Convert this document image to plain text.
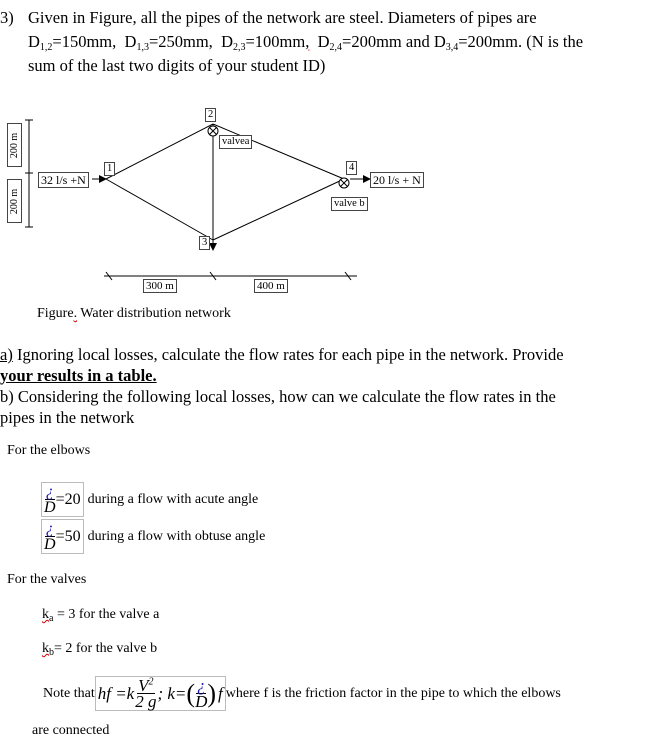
3) Given in Figure, all the pipes of the network are steel. Diameters of pipes are
$D_{1,2}=150mm$, $D_{1,3}=250mm$, $D_{2,3}=100mm$, $D_{2,4}=200mm$ and $D_{3,4}=200mm$. (N is the
sum of the last two digits of your student ID)
2
1
3
4
valvea
valve b
32 l/s +N	20 l/s + N
300 m	400 m
200 m
200 m
Figure. Water distribution network
a) Ignoring local losses, calculate the flow rates for each pipe in the network. Provide
your results in a table.
b) Considering the following local losses, how can we calculate the flow rates in the
pipes in the network
For the elbows
$\frac{¿}{D} =20$ during a flow with acute angle
$\frac{¿}{D} =50$ during a flow with obtuse angle
For the valves
$k_a = 3$ for the valve a
$k_b= 2$ for the valve b
Note that hf $=k \frac{V^2}{2 g}$ ; k= ( $\frac{¿}{D}$ ) f where f is the friction factor in the pipe to which the elbows
are connected
